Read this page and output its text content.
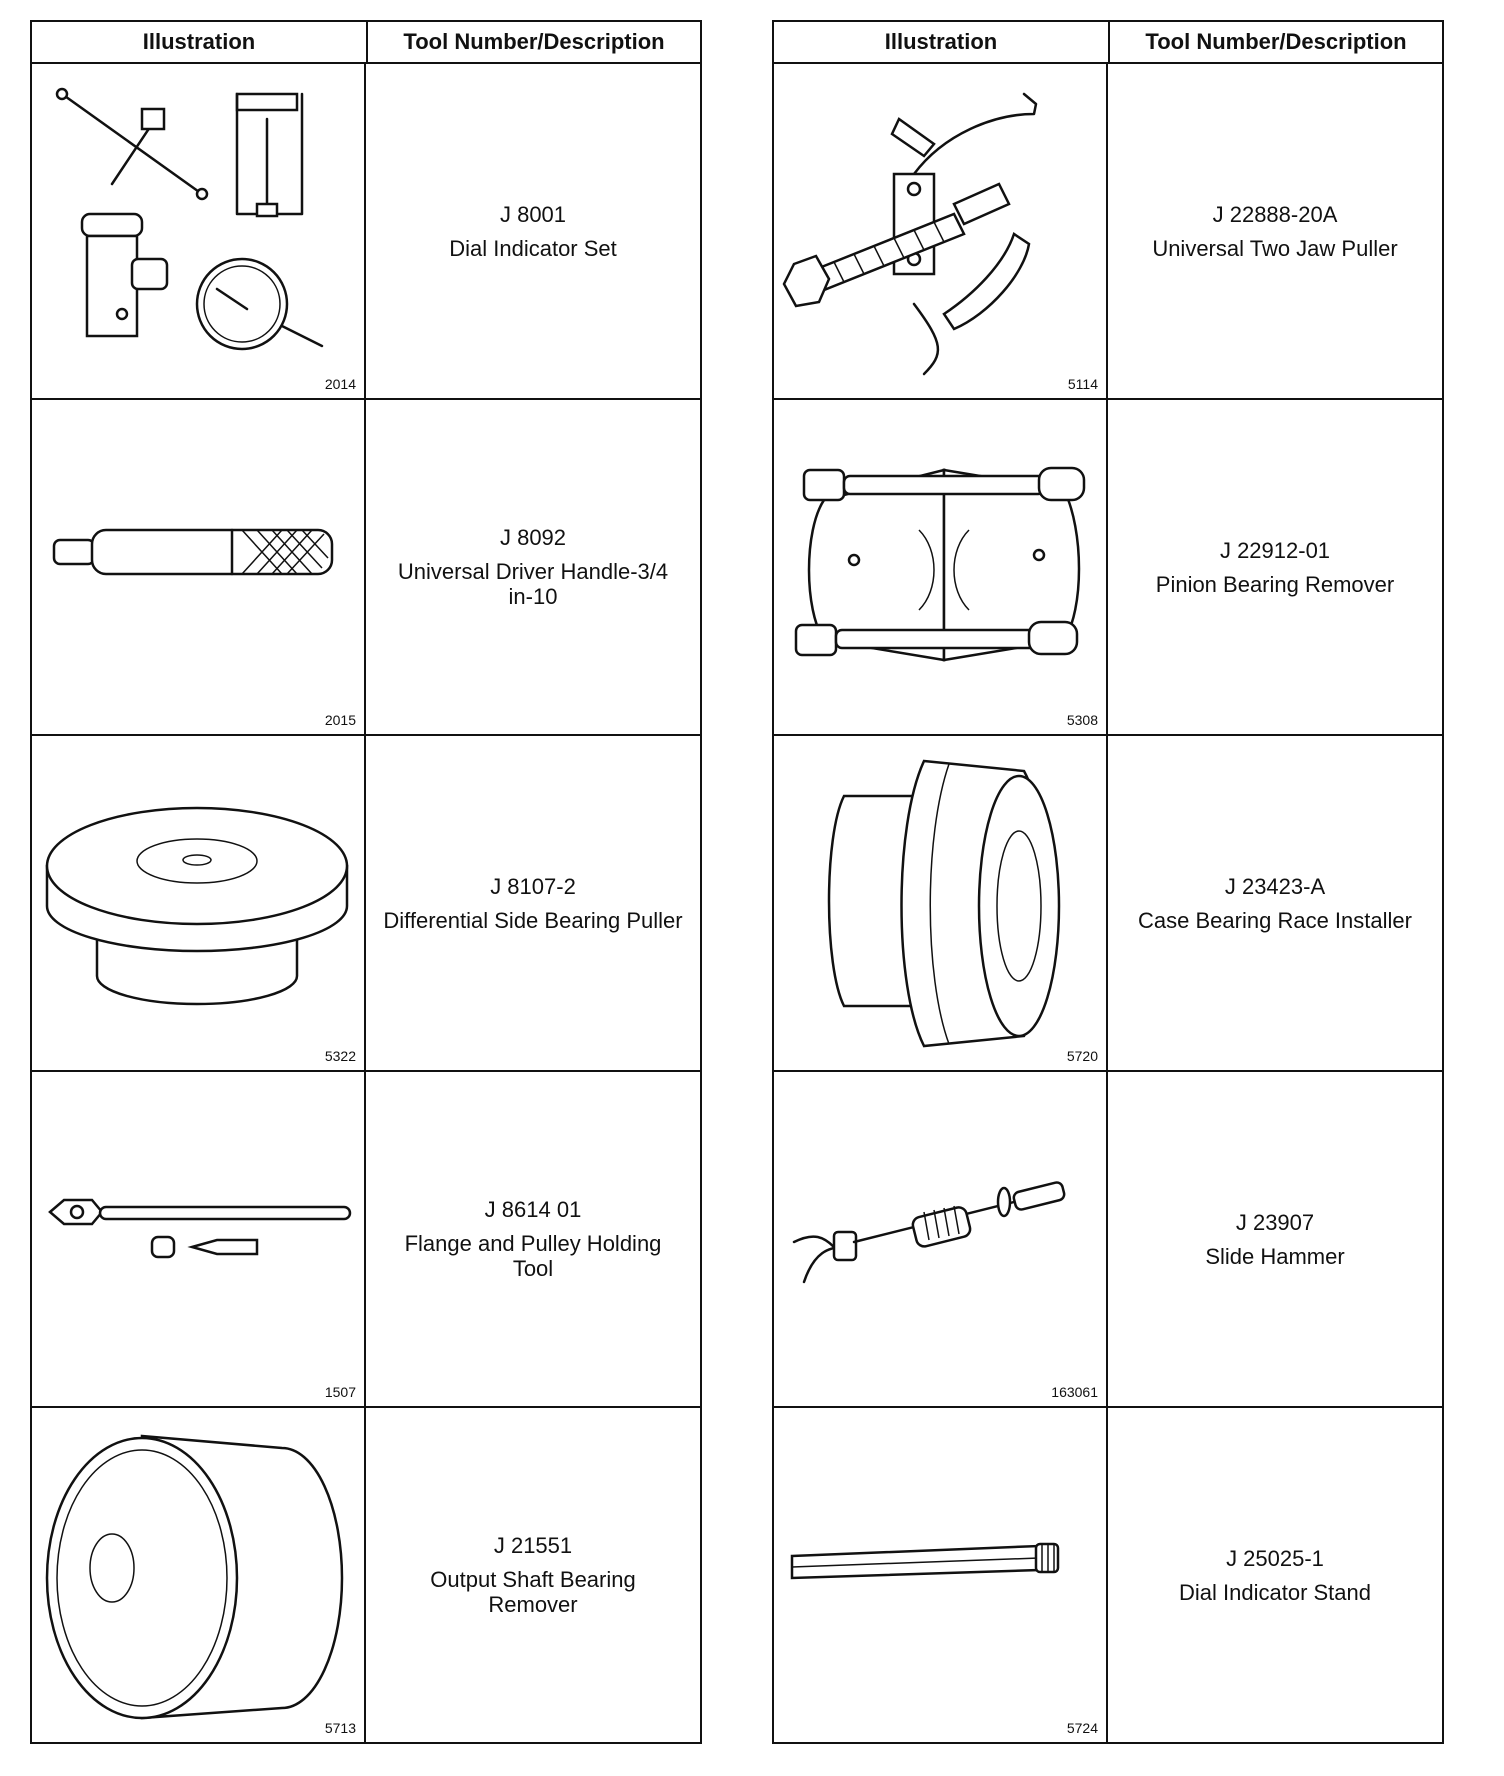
Illustration	Tool Number/Description
2014
J 8001
Dial Indicator Set
2015
J 8092
Universal Driver Handle-3/4 in-10
5322
J 8107-2
Differential Side Bearing Puller
1507
J 8614 01
Flange and Pulley Holding Tool
5713
J 21551
Output Shaft Bearing Remover
Illustration	Tool Number/Description
5114
J 22888-20A
Universal Two Jaw Puller
5308
J 22912-01
Pinion Bearing Remover
5720
J 23423-A
Case Bearing Race Installer
163061
J 23907
Slide Hammer
5724
J 25025-1
Dial Indicator Stand
